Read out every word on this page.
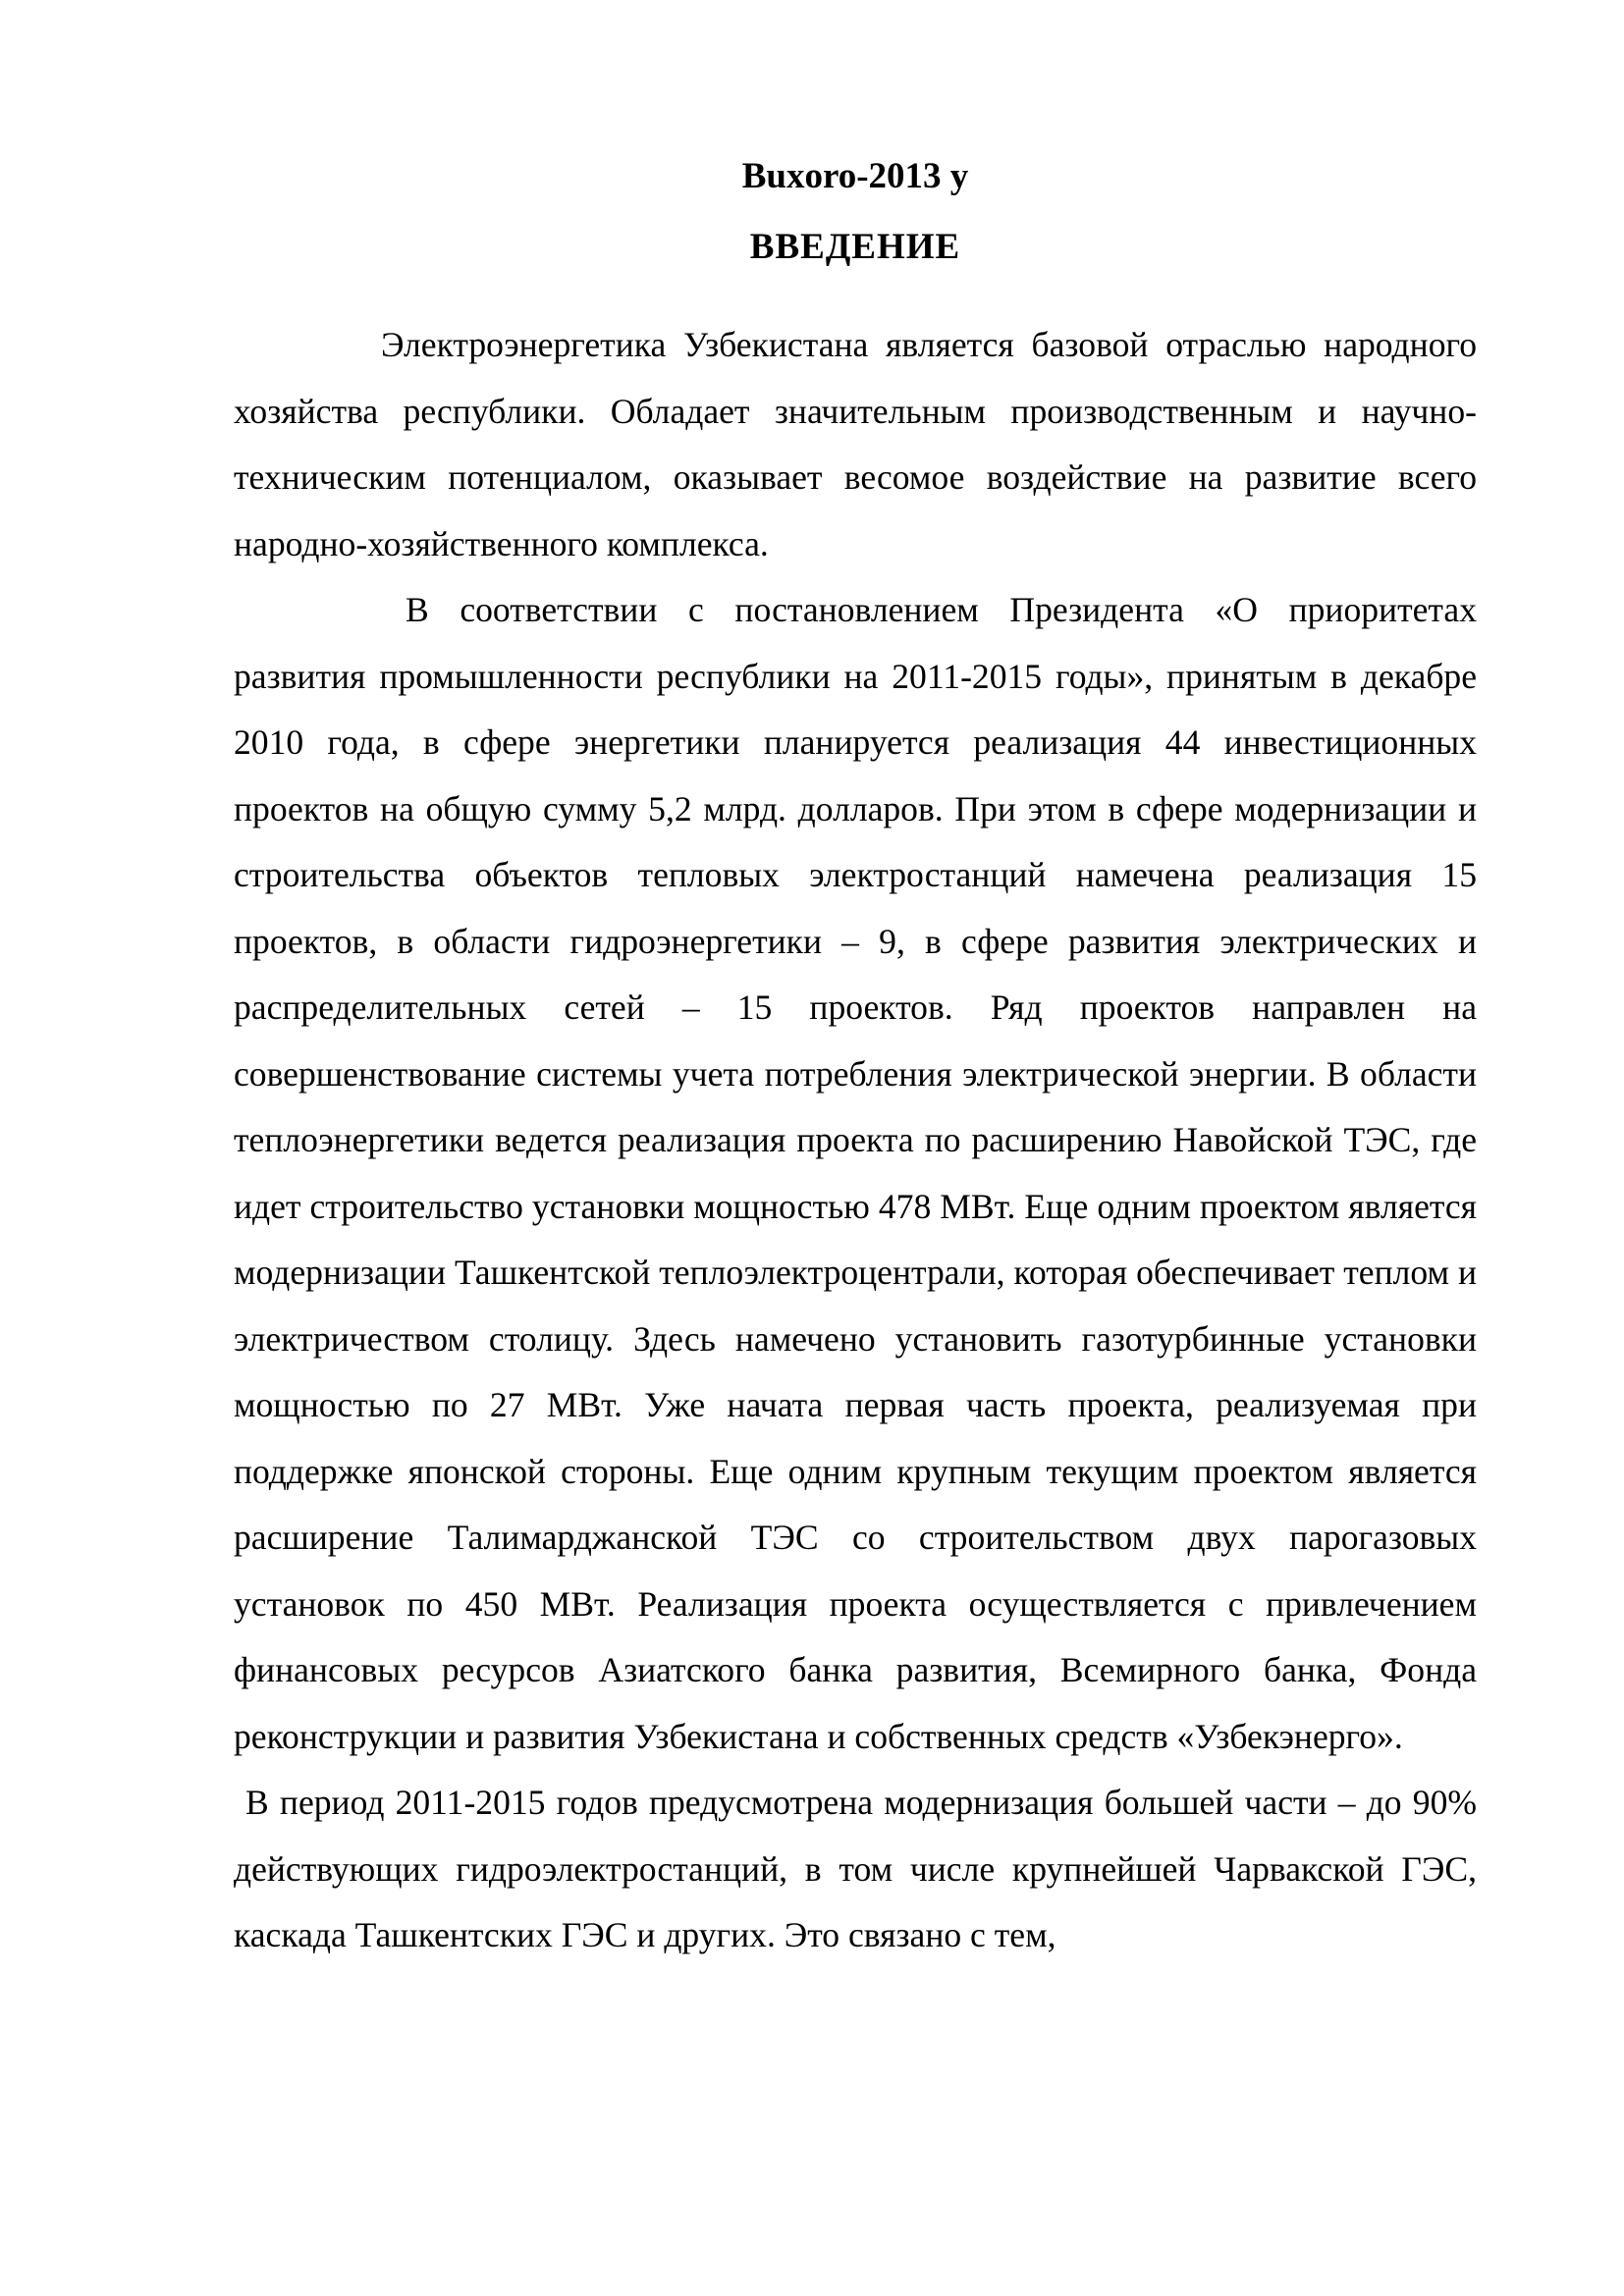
Buxoro-2013 y

ВВЕДЕНИЕ

Электроэнергетика Узбекистана является базовой отраслью народного хозяйства республики. Обладает значительным производственным и научно-техническим потенциалом, оказывает весомое воздействие на развитие всего народно-хозяйственного комплекса.

В соответствии с постановлением Президента «О приоритетах развития промышленности республики на 2011-2015 годы», принятым в декабре 2010 года, в сфере энергетики планируется реализация 44 инвестиционных проектов на общую сумму 5,2 млрд. долларов. При этом в сфере модернизации и строительства объектов тепловых электростанций намечена реализация 15 проектов, в области гидроэнергетики – 9, в сфере развития электрических и распределительных сетей – 15 проектов. Ряд проектов направлен на совершенствование системы учета потребления электрической энергии. В области теплоэнергетики ведется реализация проекта по расширению Навойской ТЭС, где идет строительство установки мощностью 478 МВт. Еще одним проектом является модернизации Ташкентской теплоэлектроцентрали, которая обеспечивает теплом и электричеством столицу. Здесь намечено установить газотурбинные установки мощностью по 27 МВт. Уже начата первая часть проекта, реализуемая при поддержке японской стороны. Еще одним крупным текущим проектом является расширение Талимарджанской ТЭС со строительством двух парогазовых установок по 450 МВт. Реализация проекта осуществляется с привлечением финансовых ресурсов Азиатского банка развития, Всемирного банка, Фонда реконструкции и развития Узбекистана и собственных средств «Узбекэнерго».

В период 2011-2015 годов предусмотрена модернизация большей части – до 90% действующих гидроэлектростанций, в том числе крупнейшей Чарвакской ГЭС, каскада Ташкентских ГЭС и других. Это связано с тем,
